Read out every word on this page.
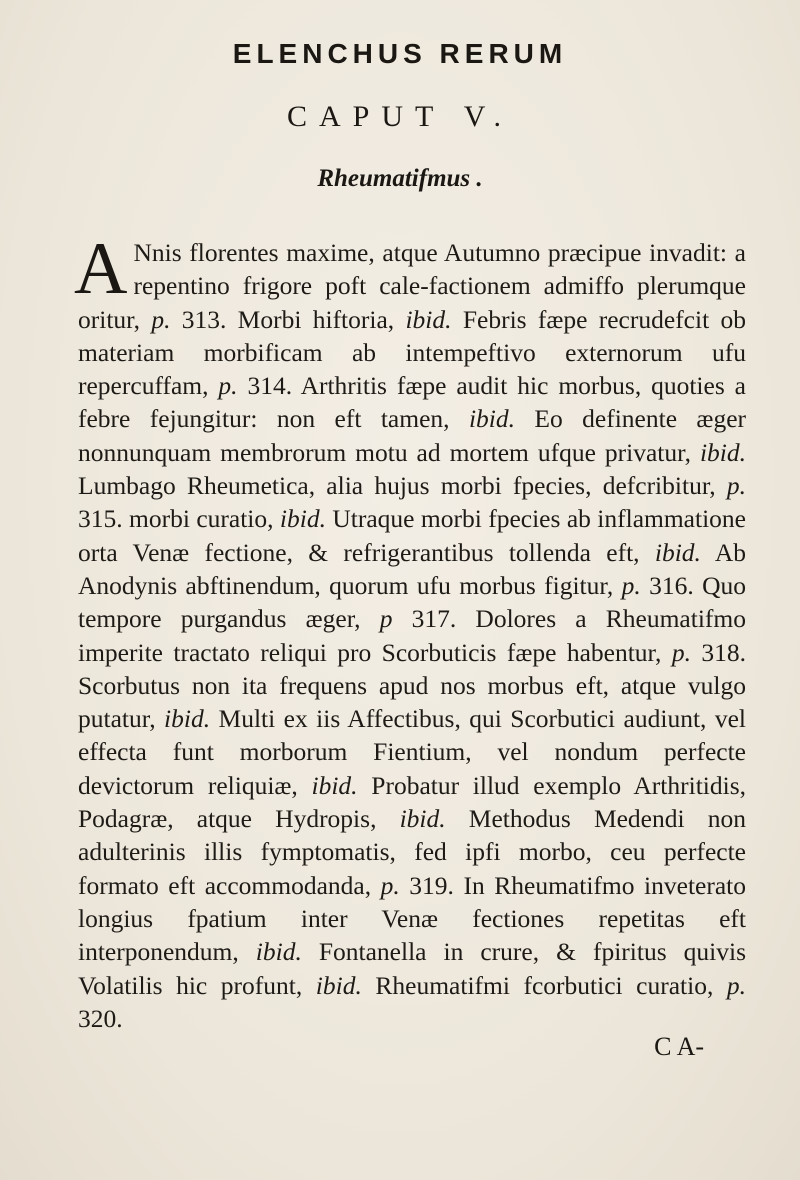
ELENCHUS RERUM
CAPUT V.
Rheumatifmus .
A Nnis florentes maxime, atque Autumno præcipue invadit: a repentino frigore poft cale-factionem admiffo plerumque oritur, p. 313. Morbi hiftoria, ibid. Febris fæpe recrudefcit ob materiam morbificam ab intempeftivo externorum ufu repercuffam, p. 314. Arthritis fæpe audit hic morbus, quoties a febre fejungitur: non eft tamen, ibid. Eo definente æger nonnunquam membrorum motu ad mortem ufque privatur, ibid. Lumbago Rheumetica, alia hujus morbi fpecies, defcribitur, p. 315. morbi curatio, ibid. Utraque morbi fpecies ab inflammatione orta Venæ fectione, & refrigerantibus tollenda eft, ibid. Ab Anodynis abftinendum, quorum ufu morbus figitur, p. 316. Quo tempore purgandus æger, p 317. Dolores a Rheumatifmo imperite tractato reliqui pro Scorbuticis fæpe habentur, p. 318. Scorbutus non ita frequens apud nos morbus eft, atque vulgo putatur, ibid. Multi ex iis Affectibus, qui Scorbutici audiunt, vel effecta funt morborum Fientium, vel nondum perfecte devictorum reliquiæ, ibid. Probatur illud exemplo Arthritidis, Podagræ, atque Hydropis, ibid. Methodus Medendi non adulterinis illis fymptomatis, fed ipfi morbo, ceu perfecte formato eft accommodanda, p. 319. In Rheumatifmo inveterato longius fpatium inter Venæ fectiones repetitas eft interponendum, ibid. Fontanella in crure, & fpiritus quivis Volatilis hic profunt, ibid. Rheumatifmi fcorbutici curatio, p. 320.
C A-
